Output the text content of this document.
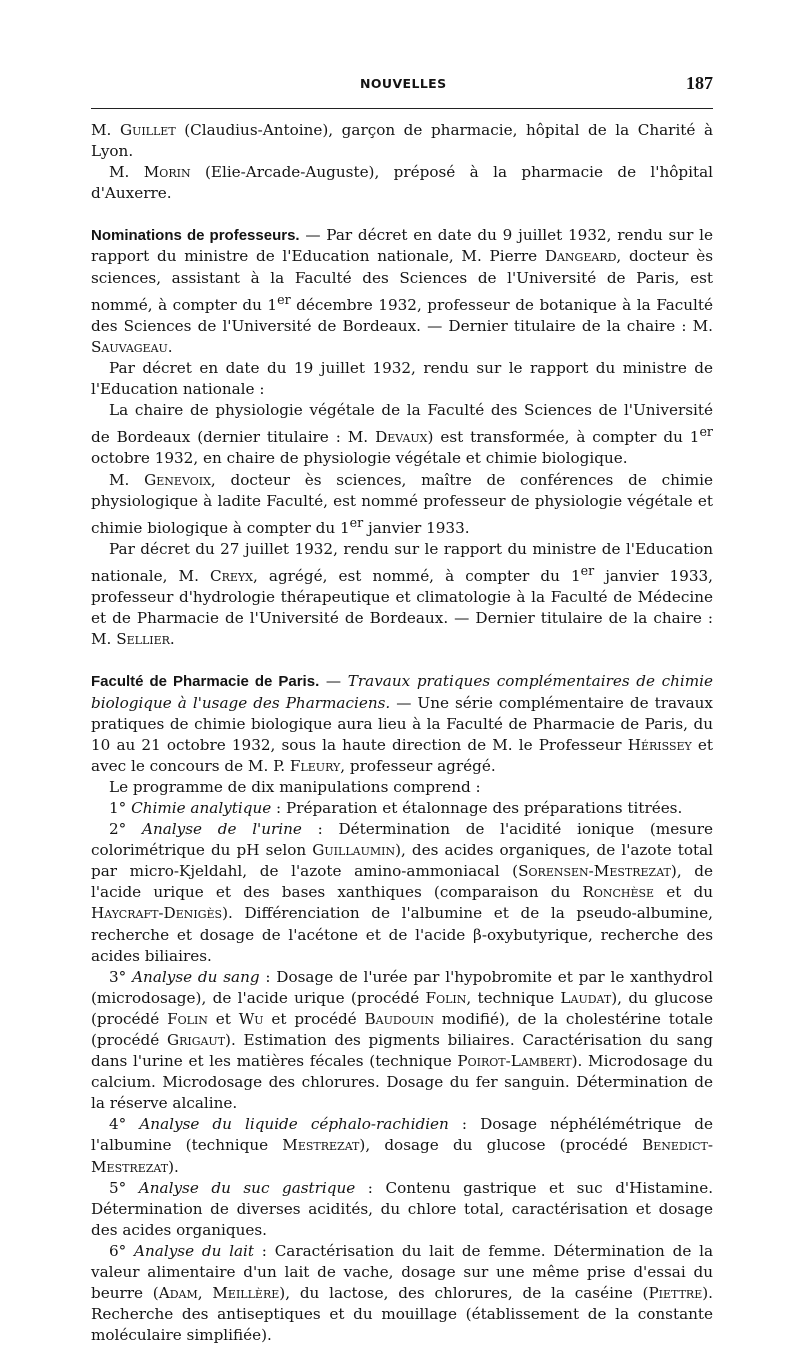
NOUVELLES	187

M. Guillet (Claudius-Antoine), garçon de pharmacie, hôpital de la Charité à Lyon.

M. Morin (Elie-Arcade-Auguste), préposé à la pharmacie de l'hôpital d'Auxerre.

Nominations de professeurs. — Par décret en date du 9 juillet 1932, rendu sur le rapport du ministre de l'Education nationale, M. Pierre Dangeard, docteur ès sciences, assistant à la Faculté des Sciences de l'Université de Paris, est nommé, à compter du 1er décembre 1932, professeur de botanique à la Faculté des Sciences de l'Université de Bordeaux. — Dernier titulaire de la chaire : M. Sauvageau.

Par décret en date du 19 juillet 1932, rendu sur le rapport du ministre de l'Education nationale :

La chaire de physiologie végétale de la Faculté des Sciences de l'Université de Bordeaux (dernier titulaire : M. Devaux) est transformée, à compter du 1er octobre 1932, en chaire de physiologie végétale et chimie biologique.

M. Genevoix, docteur ès sciences, maître de conférences de chimie physiologique à ladite Faculté, est nommé professeur de physiologie végétale et chimie biologique à compter du 1er janvier 1933.

Par décret du 27 juillet 1932, rendu sur le rapport du ministre de l'Education nationale, M. Creyx, agrégé, est nommé, à compter du 1er janvier 1933, professeur d'hydrologie thérapeutique et climatologie à la Faculté de Médecine et de Pharmacie de l'Université de Bordeaux. — Dernier titulaire de la chaire : M. Sellier.

Faculté de Pharmacie de Paris. — Travaux pratiques complémentaires de chimie biologique à l'usage des Pharmaciens. — Une série complémentaire de travaux pratiques de chimie biologique aura lieu à la Faculté de Pharmacie de Paris, du 10 au 21 octobre 1932, sous la haute direction de M. le Professeur Hérissey et avec le concours de M. P. Fleury, professeur agrégé.

Le programme de dix manipulations comprend :

1° Chimie analytique : Préparation et étalonnage des préparations titrées.

2° Analyse de l'urine : Détermination de l'acidité ionique (mesure colorimétrique du pH selon Guillaumin), des acides organiques, de l'azote total par micro-Kjeldahl, de l'azote amino-ammoniacal (Sorensen-Mestrezat), de l'acide urique et des bases xanthiques (comparaison du Ronchèse et du Haycraft-Denigès). Différenciation de l'albumine et de la pseudo-albumine, recherche et dosage de l'acétone et de l'acide β-oxybutyrique, recherche des acides biliaires.

3° Analyse du sang : Dosage de l'urée par l'hypobromite et par le xanthydrol (microdosage), de l'acide urique (procédé Folin, technique Laudat), du glucose (procédé Folin et Wu et procédé Baudouin modifié), de la cholestérine totale (procédé Grigaut). Estimation des pigments biliaires. Caractérisation du sang dans l'urine et les matières fécales (technique Poirot-Lambert). Microdosage du calcium. Microdosage des chlorures. Dosage du fer sanguin. Détermination de la réserve alcaline.

4° Analyse du liquide céphalo-rachidien : Dosage néphélémétrique de l'albumine (technique Mestrezat), dosage du glucose (procédé Benedict-Mestrezat).

5° Analyse du suc gastrique : Contenu gastrique et suc d'Histamine. Détermination de diverses acidités, du chlore total, caractérisation et dosage des acides organiques.

6° Analyse du lait : Caractérisation du lait de femme. Détermination de la valeur alimentaire d'un lait de vache, dosage sur une même prise d'essai du beurre (Adam, Meillère), du lactose, des chlorures, de la caséine (Piettre). Recherche des antiseptiques et du mouillage (établissement de la constante moléculaire simplifiée).
